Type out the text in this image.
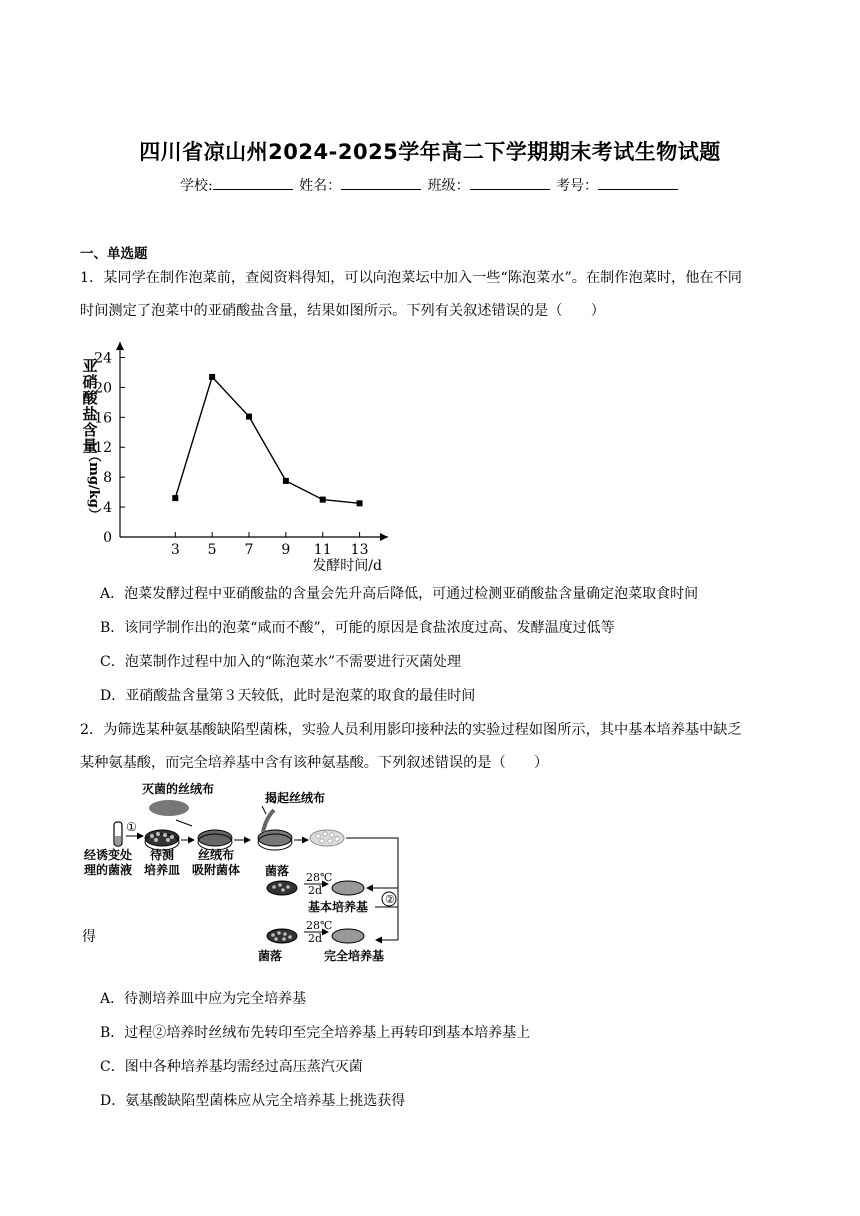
四川省凉山州2024-2025学年高二下学期期末考试生物试题
学校:	姓名：	班级：	考号：
一、单选题
1．某同学在制作泡菜前，查阅资料得知，可以向泡菜坛中加入一些“陈泡菜水”。在制作泡菜时，他在不同
时间测定了泡菜中的亚硝酸盐含量，结果如图所示。下列有关叙述错误的是（　　）
亚
硝
酸
盐
含
量
（mg/kg）
0
4
8
12
16
20
24
3 5 7 9 11 13
发酵时间/d
A．泡菜发酵过程中亚硝酸盐的含量会先升高后降低，可通过检测亚硝酸盐含量确定泡菜取食时间
B．该同学制作出的泡菜“咸而不酸”，可能的原因是食盐浓度过高、发酵温度过低等
C．泡菜制作过程中加入的“陈泡菜水”不需要进行灭菌处理
D．亚硝酸盐含量第３天较低，此时是泡菜的取食的最佳时间
2．为筛选某种氨基酸缺陷型菌株，实验人员利用影印接种法的实验过程如图所示，其中基本培养基中缺乏
某种氨基酸，而完全培养基中含有该种氨基酸。下列叙述错误的是（　　）
灭菌的丝绒布
揭起丝绒布
①
②
经诱变处
理的菌液
待测
培养皿
丝绒布
吸附菌体 菌落 28℃
2d
基本培养基
28℃
2d
菌落	完全培养基
得
A．待测培养皿中应为完全培养基
B．过程②培养时丝绒布先转印至完全培养基上再转印到基本培养基上
C．图中各种培养基均需经过高压蒸汽灭菌
D．氨基酸缺陷型菌株应从完全培养基上挑选获得
